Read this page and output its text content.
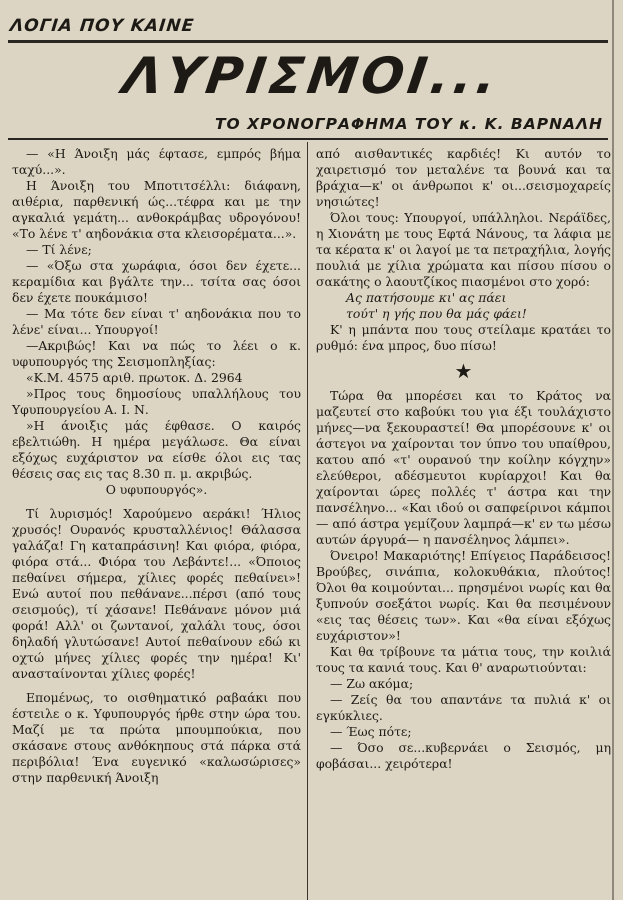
ΛΟΓΙΑ ΠΟΥ ΚΑΙΝΕ
ΛΥΡΙΣΜΟΙ...
ΤΟ ΧΡΟΝΟΓΡΑΦΗΜΑ ΤΟΥ κ. Κ. ΒΑΡΝΑΛΗ

— «Η Άνοιξη μάς έφτασε, εμπρός βήμα ταχύ...».

Η Άνοιξη του Μποτιτσέλλι: διάφανη, αιθέρια, παρθενική ώς...τέφρα και με την αγκαλιά γεμάτη... ανθοκράμβας υδρογόνου! «Το λένε τ' αηδονάκια στα κλεισορέματα...».

— Τί λένε;

— «Όξω στα χωράφια, όσοι δεν έχετε... κεραμίδια και βγάλτε την... τσίτα σας όσοι δεν έχετε πουκάμισο!

— Μα τότε δεν είναι τ' αηδονάκια που το λένε' είναι... Υπουργοί!

—Ακριβώς! Και να πώς το λέει ο κ. υφυπουργός της Σεισμοπληξίας:

«Κ.Μ. 4575 αριθ. πρωτοκ. Δ. 2964

»Προς τους δημοσίους υπαλλήλους του Υφυπουργείου Α. Ι. Ν.

»Η άνοιξις μάς έφθασε. Ο καιρός εβελτιώθη. Η ημέρα μεγάλωσε. Θα είναι εξόχως ευχάριστον να είσθε όλοι εις τας θέσεις σας εις τας 8.30 π. μ. ακριβώς.

Ο υφυπουργός».

Τί λυρισμός! Χαρούμενο αεράκι! Ήλιος χρυσός! Ουρανός κρυσταλλένιος! Θάλασσα γαλάζα! Γη καταπράσινη! Και φιόρα, φιόρα, φιόρα στά... Φιόρα του Λεβάντε!... «Όποιος πεθαίνει σήμερα, χίλιες φορές πεθαίνει»! Ενώ αυτοί που πεθάνανε...πέρσι (από τους σεισμούς), τί χάσανε! Πεθάνανε μόνον μιά φορά! Αλλ' οι ζωντανοί, χαλάλι τους, όσοι δηλαδή γλυτώσανε! Αυτοί πεθαίνουν εδώ κι οχτώ μήνες χίλιες φορές την ημέρα! Κι' ανασταίνονται χίλιες φορές!

Επομένως, το οισθηματικό ραβαάκι που έστειλε ο κ. Υφυπουργός ήρθε στην ώρα του. Μαζί με τα πρώτα μπουμπούκια, που σκάσανε στους ανθόκηπους στά πάρκα στά περιβόλια! Ένα ευγενικό «καλωσώρισες» στην παρθενική Άνοιξη

από αισθαντικές καρδιές! Κι αυτόν το χαιρετισμό τον μεταλένε τα βουνά και τα βράχια—κ' οι άνθρωποι κ' οι...σεισμοχαρείς νησιώτες!

Όλοι τους: Υπουργοί, υπάλληλοι. Νεράϊδες, η Χιονάτη με τους Εφτά Νάνους, τα λάφια με τα κέρατα κ' οι λαγοί με τα πετραχήλια, λογής πουλιά με χίλια χρώματα και πίσου πίσου ο σακάτης ο λαουτζίκος πιασμένοι στο χορό:

Ας πατήσουμε κι' ας πάει

τούτ' η γής που θα μάς φάει!

Κ' η μπάντα που τους στείλαμε κρατάει το ρυθμό: ένα μπρος, δυο πίσω!

★

Τώρα θα μπορέσει και το Κράτος να μαζευτεί στο καβούκι του για έξι τουλάχιστο μήνες—να ξεκουραστεί! Θα μπορέσουνε κ' οι άστεγοι να χαίρονται τον ύπνο του υπαίθρου, κατου από «τ' ουρανού την κοίλην κόγχην» ελεύθεροι, αδέσμευτοι κυρίαρχοι! Και θα χαίρονται ώρες πολλές τ' άστρα και την πανσέληνο... «Και ιδού οι σαπφείρινοι κάμποι — από άστρα γεμίζουν λαμπρά—κ' εν τω μέσω αυτών άργυρά— η πανσέληνος λάμπει».

Όνειρο! Μακαριότης! Επίγειος Παράδεισος! Βρούβες, σινάπια, κολοκυθάκια, πλούτος! Όλοι θα κοιμούνται... πρησμένοι νωρίς και θα ξυπνούν σοεξάτοι νωρίς. Και θα πεσιμένουν «εις τας θέσεις των». Και «θα είναι εξόχως ευχάριστον»!

Και θα τρίβουνε τα μάτια τους, την κοιλιά τους τα κανιά τους. Και θ' αναρωτιούνται:

— Ζω ακόμα;

— Ζείς θα του απαντάνε τα πυλιά κ' οι εγκύκλιες.

— Έως πότε;

— Όσο σε...κυβερνάει ο Σεισμός, μη φοβάσαι... χειρότερα!
